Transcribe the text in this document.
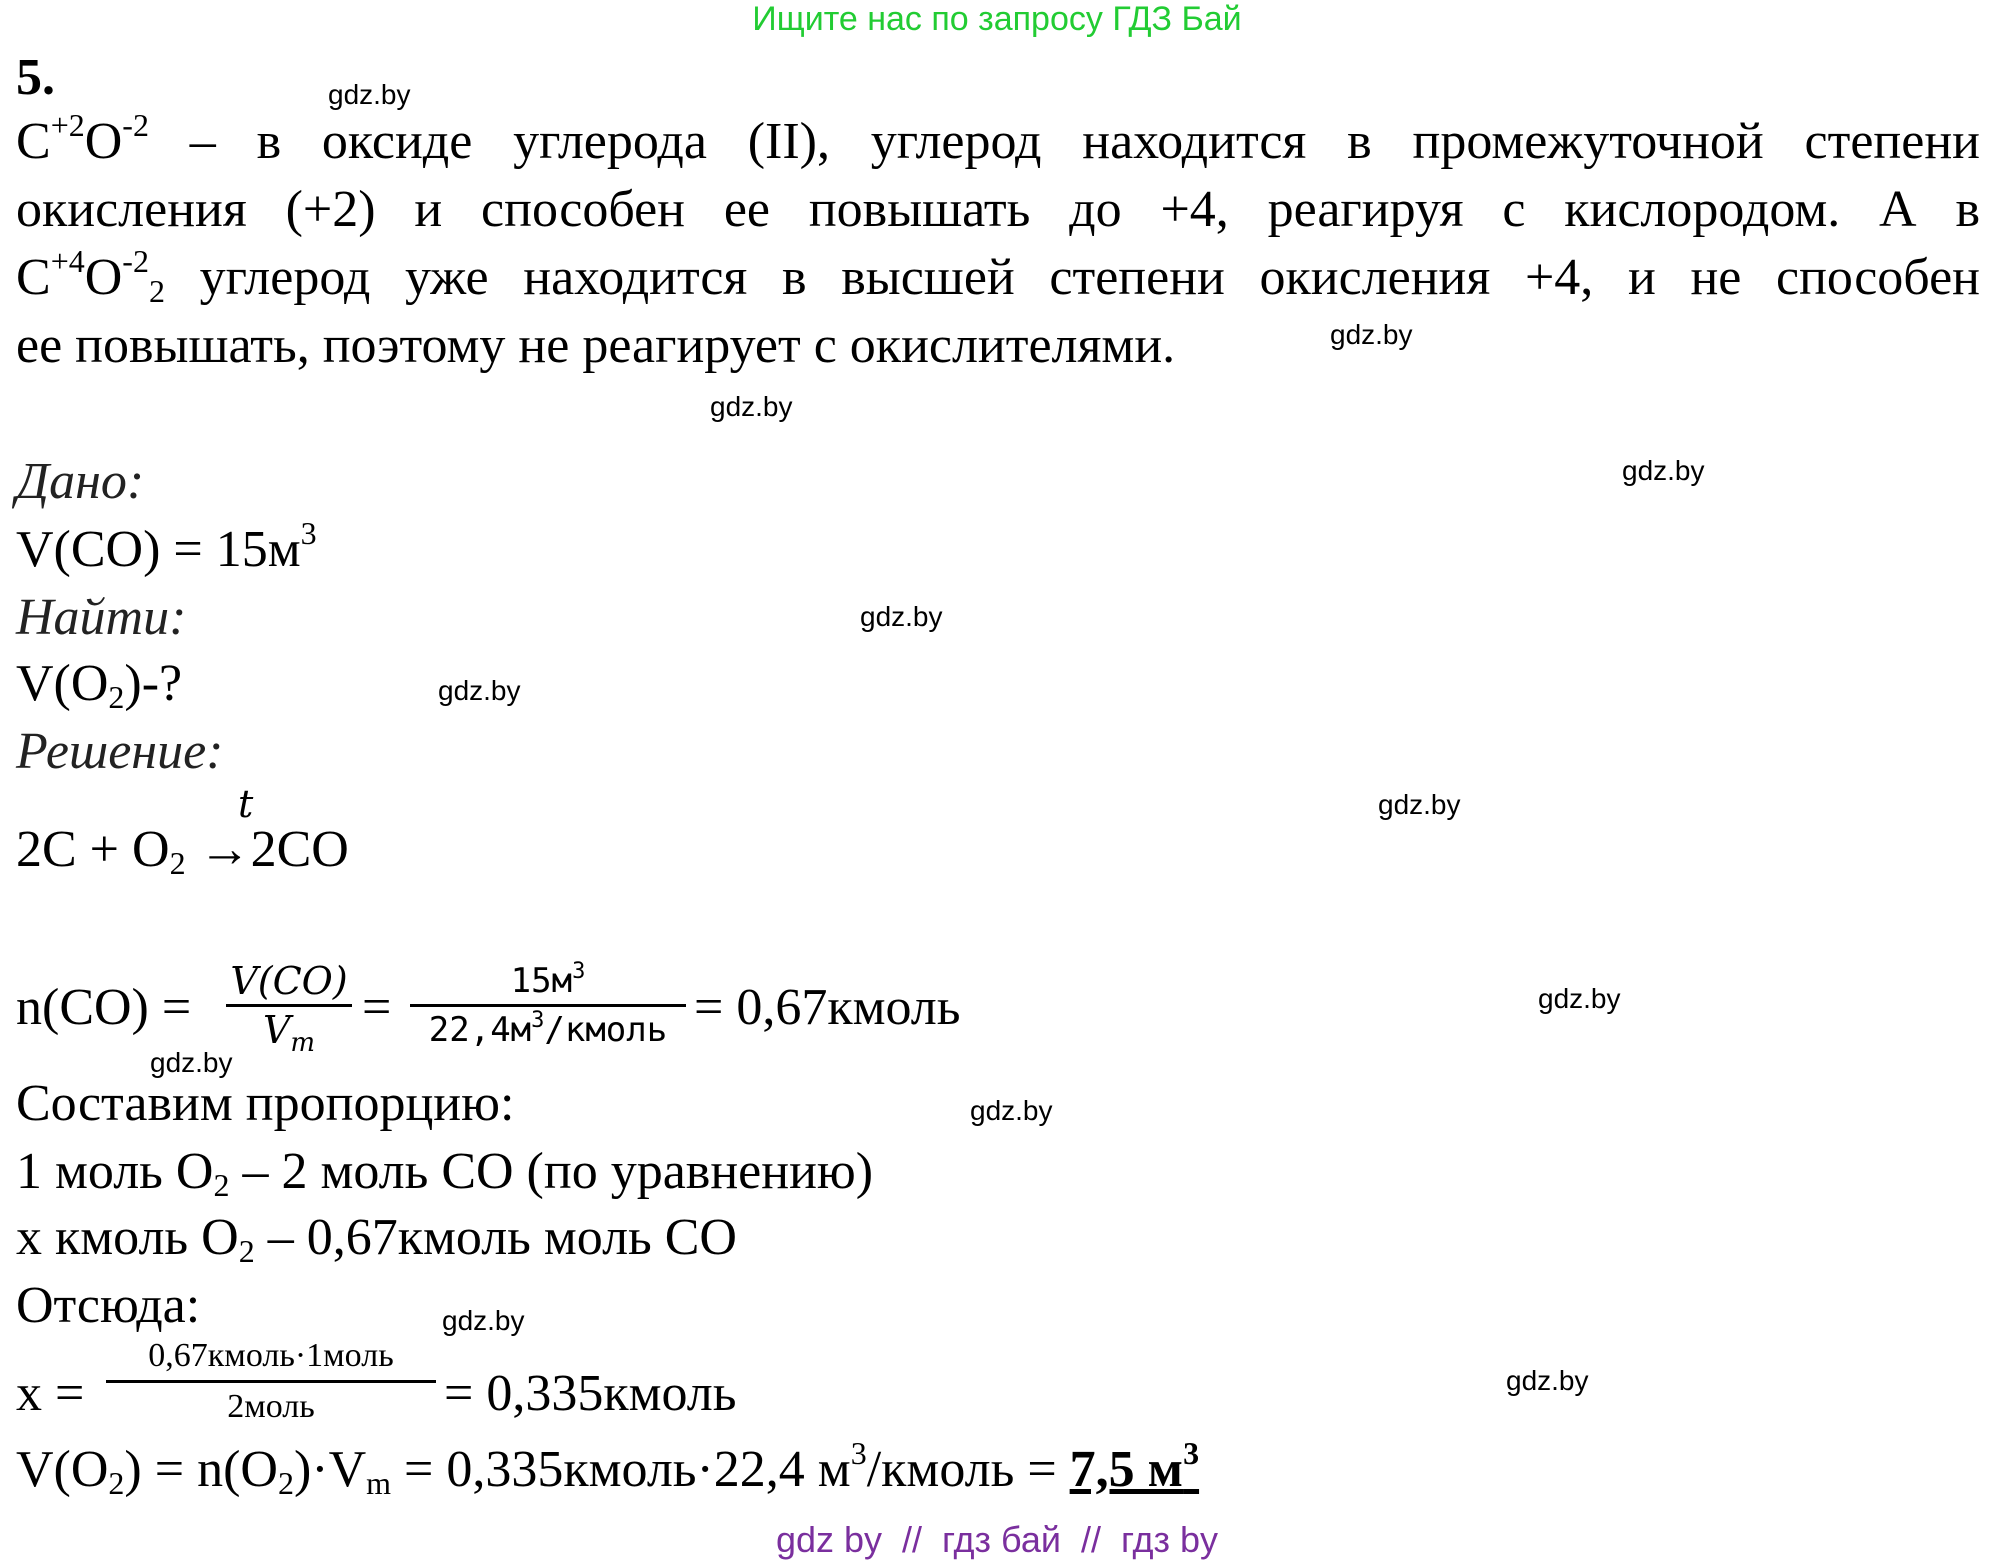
Ищите нас по запросу ГДЗ Бай
5.
$C^{+2}O^{-2}$ – в оксиде углерода (II), углерод находится в промежуточной степени
окисления (+2) и способен ее повышать до +4, реагируя с кислородом. А в
$C^{+4}O^{-2}_2$ углерод уже находится в высшей степени окисления +4, и не способен
ее повышать, поэтому не реагирует с окислителями.
Дано:
$V(CO) = 15м^3$
Найти:
$V(O_2)-$?
Решение:
t
$2C + O_2 \to 2CO$
n(CO) = V(CO)
$V_m$
=	$15м^3$
$22,4м^3$/кмоль = 0,67кмоль
Составим пропорцию:
1 моль $O_2 - 2$ моль CO (по уравнению)
x кмоль $O_2$ – 0,67кмоль моль CO
Отсюда:
x =
0,67кмоль·1моль
2моль	= 0,335кмоль
$V(O_2) = n(O_2)\cdot V_m$ = 0,335кмоль·22,4 $м^3$/кмоль = 7,5 $м^3$
gdz.by
gdz.by
gdz.by
gdz.by
gdz.by
gdz.by
gdz.by
gdz.by
gdz.by
gdz.by
gdz.by
gdz.by
gdz by  //  гдз бай  //  гдз by
